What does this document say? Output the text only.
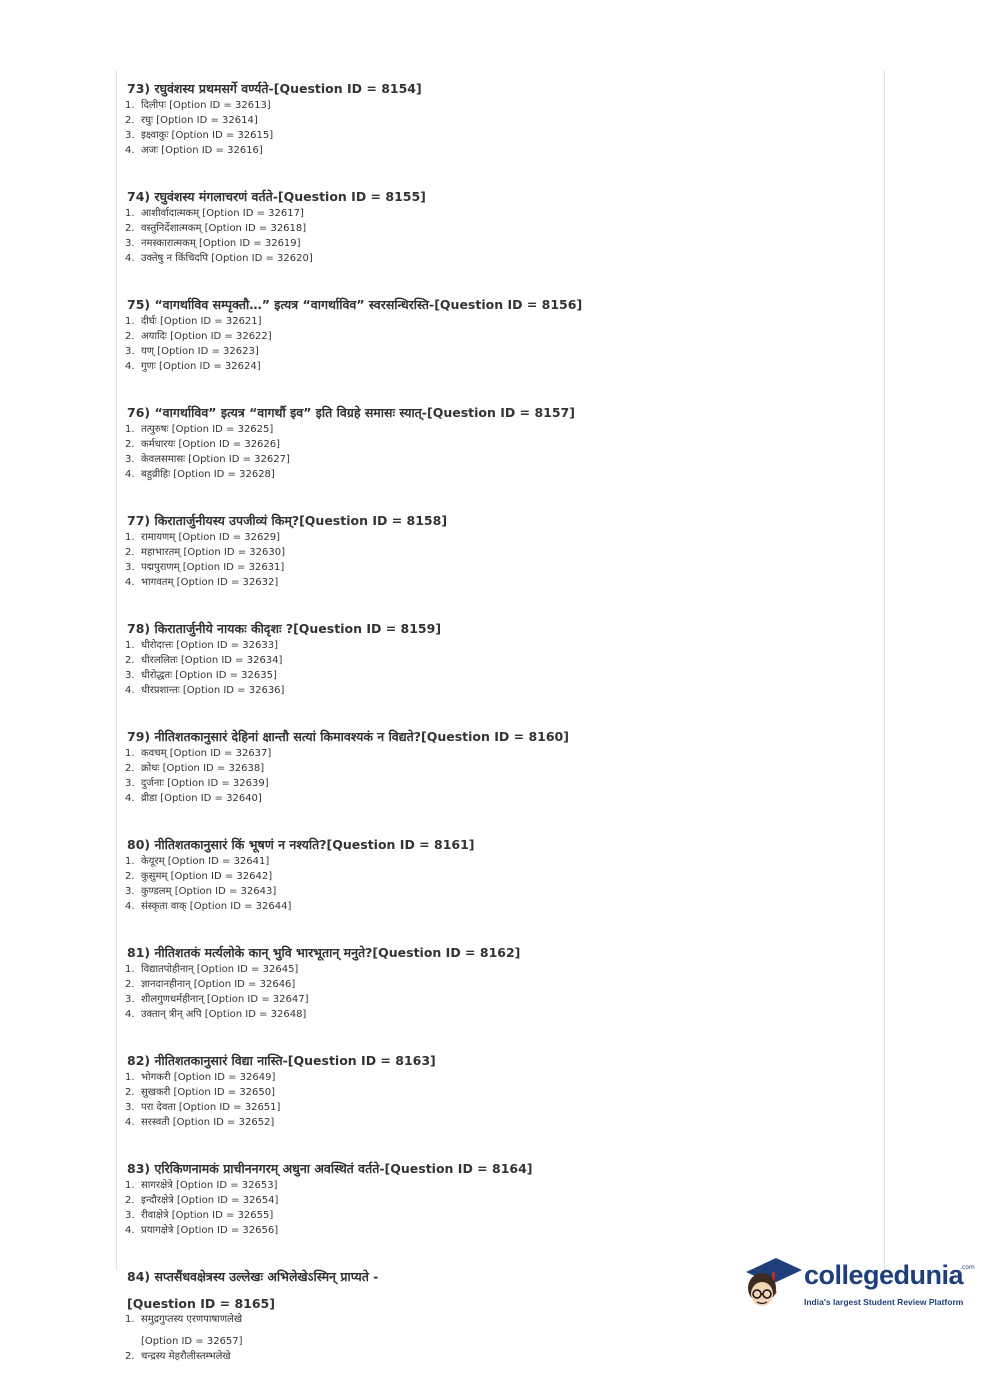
73) रघुवंशस्य प्रथमसर्गे वर्ण्यते-[Question ID = 8154]
1. दिलीपः [Option ID = 32613]
2. रघुः [Option ID = 32614]
3. इक्ष्वाकुः [Option ID = 32615]
4. अजः [Option ID = 32616]
74) रघुवंशस्य मंगलाचरणं वर्तते-[Question ID = 8155]
1. आशीर्वादात्मकम् [Option ID = 32617]
2. वस्तुनिर्देशात्मकम् [Option ID = 32618]
3. नमस्कारात्मकम् [Option ID = 32619]
4. उक्तेषु न किंचिदपि [Option ID = 32620]
75) “वागर्थाविव सम्पृक्तौ…” इत्यत्र “वागर्थाविव” स्वरसन्धिरस्ति-[Question ID = 8156]
1. दीर्घः [Option ID = 32621]
2. अयादिः [Option ID = 32622]
3. यण् [Option ID = 32623]
4. गुणः [Option ID = 32624]
76) “वागर्थाविव” इत्यत्र “वागर्थौ इव” इति विग्रहे समासः स्यात्-[Question ID = 8157]
1. तत्पुरुषः [Option ID = 32625]
2. कर्मधारयः [Option ID = 32626]
3. केवलसमासः [Option ID = 32627]
4. बहुव्रीहिः [Option ID = 32628]
77) किरातार्जुनीयस्य उपजीव्यं किम्?[Question ID = 8158]
1. रामायणम् [Option ID = 32629]
2. महाभारतम् [Option ID = 32630]
3. पद्मपुराणम् [Option ID = 32631]
4. भागवतम् [Option ID = 32632]
78) किरातार्जुनीये नायकः कीदृशः ?[Question ID = 8159]
1. धीरोदात्तः [Option ID = 32633]
2. धीरललितः [Option ID = 32634]
3. धीरोद्धतः [Option ID = 32635]
4. धीरप्रशान्तः [Option ID = 32636]
79) नीतिशतकानुसारं देहिनां क्षान्तौ सत्यां किमावश्यकं न विद्यते?[Question ID = 8160]
1. कवचम् [Option ID = 32637]
2. क्रोधः [Option ID = 32638]
3. दुर्जनाः [Option ID = 32639]
4. व्रीडा [Option ID = 32640]
80) नीतिशतकानुसारं किं भूषणं न नश्यति?[Question ID = 8161]
1. केयूरम् [Option ID = 32641]
2. कुसुमम् [Option ID = 32642]
3. कुण्डलम् [Option ID = 32643]
4. संस्कृता वाक् [Option ID = 32644]
81) नीतिशतकं मर्त्यलोके कान् भुवि भारभूतान् मनुते?[Question ID = 8162]
1. विद्यातपोहीनान् [Option ID = 32645]
2. ज्ञानदानहीनान् [Option ID = 32646]
3. शीलगुणधर्महीनान् [Option ID = 32647]
4. उक्तान् त्रीन् अपि [Option ID = 32648]
82) नीतिशतकानुसारं विद्या नास्ति-[Question ID = 8163]
1. भोगकरी [Option ID = 32649]
2. सुखकरी [Option ID = 32650]
3. परा देवता [Option ID = 32651]
4. सरस्वती [Option ID = 32652]
83) एरिकिणनामकं प्राचीननगरम् अधुना अवस्थितं वर्तते-[Question ID = 8164]
1. सागरक्षेत्रे [Option ID = 32653]
2. इन्दौरक्षेत्रे [Option ID = 32654]
3. रीवाक्षेत्रे [Option ID = 32655]
4. प्रयागक्षेत्रे [Option ID = 32656]
84) सप्तसैंधवक्षेत्रस्य उल्लेखः अभिलेखेऽस्मिन् प्राप्यते -
[Question ID = 8165]
1. समुद्रगुप्तस्य एरणपाषाणलेखे
[Option ID = 32657]
2. चन्द्रस्य मेहरौलीस्तम्भलेखे
collegedunia
.com
India's largest Student Review Platform
